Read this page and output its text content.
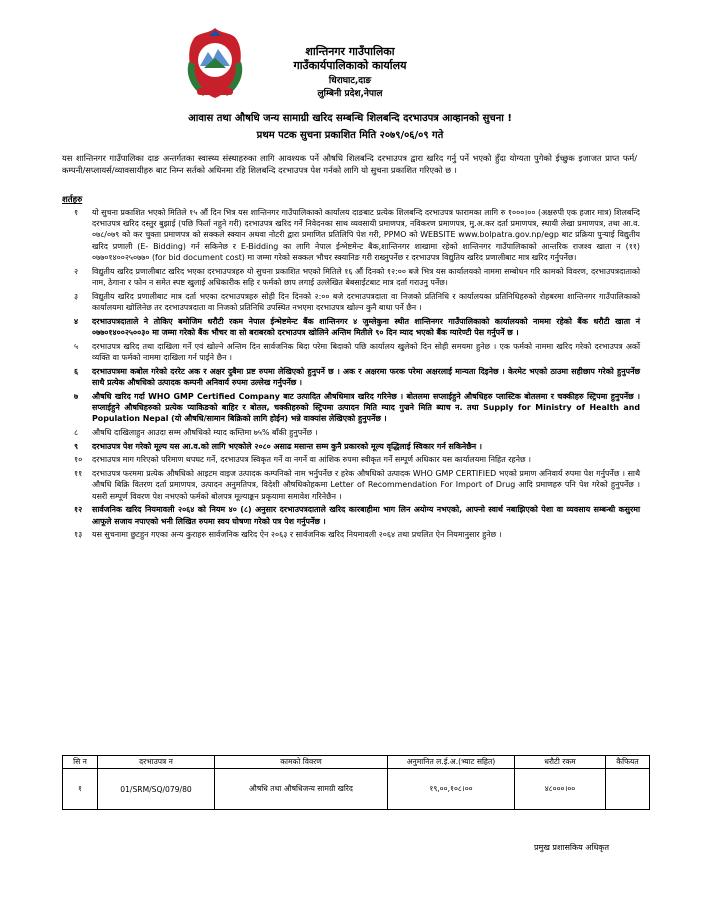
शान्तिनगर गाउँपालिका
गाउँकार्यपालिकाको कार्यालय
धिराघाट,दाङ
लुम्बिनी प्रदेश,नेपाल
आवास तथा औषधि जन्य सामाग्री खरिद सम्बन्धि शिलबन्दि दरभाउपत्र आव्हानको सुचना !
प्रथम पटक सुचना प्रकाशित मिति २०७९/०६/०९ गते
यस शान्तिनगर गाउँपालिका दाङ अन्तर्गतका स्वास्थ्य संस्थाहरुका लागि आवश्यक पर्ने औषधि शिलबन्दि दरभाउपत्र द्वारा खरिद गर्नु पर्ने भएको हुँदा योग्यता पुगेको ईच्छुक इजाजत प्राप्त फर्म/कम्पनी/सप्लायर्स/व्यावसायीहरु बाट निम्न सर्तको अधिनमा रहि शिलबन्दि दरभाउपत्र पेश गर्नको लागि यो सुचना प्रकाशित गरिएको छ ।
शर्तहरु
१	यो सुचना प्रकाशित भएको मितिले १५ औं दिन भित्र यस शान्तिनगर गाउँपालिकाको कार्यालय दाङबाट प्रत्येक शिलबन्दि दरभाउपत्र फारामका लागि रु १०००।०० (अक्षरुपी एक हजार मात्र) शिलबन्दि दरभाउपत्र खरिद दस्तुर बुझाई (पछि फिर्ता नहुने गरी) दरभाउपत्र खरिद गर्ने निवेदनका साथ व्यवसायी प्रमाणपत्र, नविकरण प्रमाणपत्र, मु.अ.कर दर्ता प्रमाणपत्र, स्थायी लेखा प्रमाणपत्र, तथा आ.व. ०७८/०७९ को कर चुक्ता प्रमाणपत्र को सक्कले स्क्यान अथवा नोटरी द्वारा प्रमाणित प्रतिलिपि पेश गरी, PPMO को WEBSITE www.bolpatra.gov.np/egp बाट प्रक्रिया पुर्‍याई विद्युतीय खरिद प्रणाली (E- Bidding) गर्न सकिनेछ र E-Bidding का लागि नेपाल ईन्भेष्टमेन्ट बैक,शान्तिनगर शाखामा रहेको शान्तिनगर गाउँपालिकाको आन्तरिक राजश्व खाता न (११) ०७७०१४००२५०७७० (for bid document cost) मा जम्मा गरेको सक्कल भौचर स्क्यानिङ गरी राख्नुपर्नेछ र दरभाउपत्र विद्युतिय खरिद प्रणालीबाट मात्र खरिद गर्नुपर्नेछ।
२	विद्युतीय खरिद प्रणालीबाट खरिद भएका दरभाउपत्रहरु यो सुचना प्रकाशित भएको मितिले १६ औं दिनको १२:०० बजे भित्र यस कार्यालयको नाममा सम्बोधन गरि कामको विवरण, दरभाउपत्रदाताको नाम, ठेगाना र फोन न समेत स्पष्ट खुलाई अधिकारीक सहि र फर्मको छाप लगाई उल्लेखित बेबसाईटबाट मात्र दर्ता गराउनु पर्नेछ।
३	विद्युतीय खरिद प्रणालीबाट मात्र दर्ता भएका दरभाउपत्रहरु सोही दिन दिनको २:०० बजे दरभाउपत्रदाता वा निजको प्रतिनिधि र कार्यालयका प्रतिनिधिहरुको रोहबरमा शान्तिनगर गाउँपालिकाको कार्यालयमा खोलिनेछ तर दरभाउपत्रदाता वा निजको प्रतिनिधि उपस्थित नभएमा दरभाउपत्र खोल्न कुनै बाधा पर्ने छैन ।
४	दरभाउपत्रदाताले ने तोकिए बमोजिम धरौटी रकम नेपाल ईन्भेष्टमेन्ट बैंक शान्तिनगर ४ जुम्लेकुना स्थीत शान्तिनगर गाउँपालिकाको कार्यालयको नाममा रहेको बैंक धरौटी खाता नं ०७७०१४००२५००३० मा जम्मा गरेको बैंक भौचर वा सो बराबरको दरभाउपत्र खोलिने अन्तिम मितीले ९० दिन म्याद भएको बैंक ग्यारेण्टी पेस गर्नुपर्ने छ ।
५	दरभाउपत्र खरिद तथा दाखिला गर्ने एवं खोल्ने अन्तिम दिन सार्वजनिक बिदा परेमा बिदाको पछि कार्यालय खुलेको दिन सोही समयमा हुनेछ । एक फर्मको नाममा खरिद गरेको दरभाउपत्र अर्को व्यक्ति वा फर्मको नाममा दाखिला गर्न पाईने छैन ।
६	दरभाउपत्रमा कबोल गरेको दररेट अक र अक्षर दुबैमा प्रष्ट रुपमा लेखिएको हुनुपर्ने छ । अक र अक्षरमा फरक परेमा अक्षरलाई मान्यता दिइनेछ । केरमेट भएको ठाउमा सहीछाप गरेको हुनुपर्नेछ साथै प्रत्येक औषधिको उत्पादक कम्पनी अनिवार्य रुपमा उल्लेख गर्नुपर्नेछ ।
७	औषधि खरिद गर्दा WHO GMP Certified Company बाट उत्पादित औषधिमात्र खरिद गरिनेछ । बोतलमा सप्लाईहुने औषधिहरु प्लास्टिक बोतलमा र चक्कीहरु स्ट्रिपमा हुनुपर्नेछ । सप्लाईहुने औषधिहरुको प्रत्येक प्याकिङको बाहिर र बोतल, चक्कीहरुको स्ट्रिपमा उत्पादन मिति म्याद गुज्रने मिति ब्याच न. तथा Supply for Ministry of Health and Population Nepal (यो औषधि/सामान बिक्रिको लागि होईन) भन्ने वाक्यांस लेखिएको हुनुपर्नेछ ।
८	औषधि दाखिलाहुन आउदा सम्म औषधिको म्याद कम्तिमा ७५% बाँकी हुनुपर्नेछ ।
९	दरभाउपत्र पेश गरेको मूल्य यस आ.व.को लागि भएकोले २०८० असाढ मसान्त सम्म कुनै प्रकारको मूल्य वृद्धिलाई स्विकार गर्न सकिनेछैन ।
१०	दरभाउपत्र माग गरिएको परिमाण थपघट गर्ने, दरभाउपत्र स्विकृत गर्ने वा नगर्ने वा आंशिक रुपमा स्वीकृत गर्ने सम्पूर्ण अधिकार यस कार्यालयमा निहित रहनेछ ।
११	दरभाउपत्र फरममा प्रत्येक औषधिको आइटम वाइज उत्पादक कम्पनिको नाम भर्नुपर्नेछ र हरेक औषधिको उत्पादक WHO GMP CERTIFIED भएको प्रमाण अनिवार्य रुपमा पेश गर्नुपर्नेछ । साथै औषधि बिक्रि वितरण दर्ता प्रमाणपत्र, उत्पादन अनुमतिपत्र, विदेशी औषधिकोहकमा Letter of Recommendation For Import of Drug आदि प्रमाणहरु पनि पेश गरेको हुनुपर्नेछ । यसरी सम्पूर्ण विवरण पेश नभएको फर्मको बोलपत्र मूल्याङ्कन प्रकृयामा समावेश गरिनेछैन ।
१२	सार्वजनिक खरिद नियमावली २०६४ को नियम ४० (८) अनुसार दरभाउपत्रदाताले खरिद कारबाहीमा भाग लिन अयोग्य नभएको, आफ्नो स्वार्थ नबाझिएको पेशा वा व्यवसाय सम्बन्धी कसुरमा आफूले सजाय नपाएको भनी लिखित रुपमा स्वय घोषणा गरेको पत्र पेश गर्नुपर्नेछ ।
१३	यस सुचनामा छुटहुन गएका अन्य कुराहरु सार्वजनिक खरिद ऐन २०६३ र सार्वजनिक खरिद नियमावली २०६४ तथा प्रचलित ऐन नियमानुसार हुनेछ ।
सि न	दरभाउपत्र न	कामको विवरण	अनुमानित ल.ई.अ.(भ्याट सहित)	धरौटी रकम	कैफियत
१	01/SRM/SQ/079/80	औषधि तथा औषधिजन्य सामग्री खरिद	१९,००,१०८।००	४८०००।००	
प्रमुख प्रशासकिय अधिकृत
